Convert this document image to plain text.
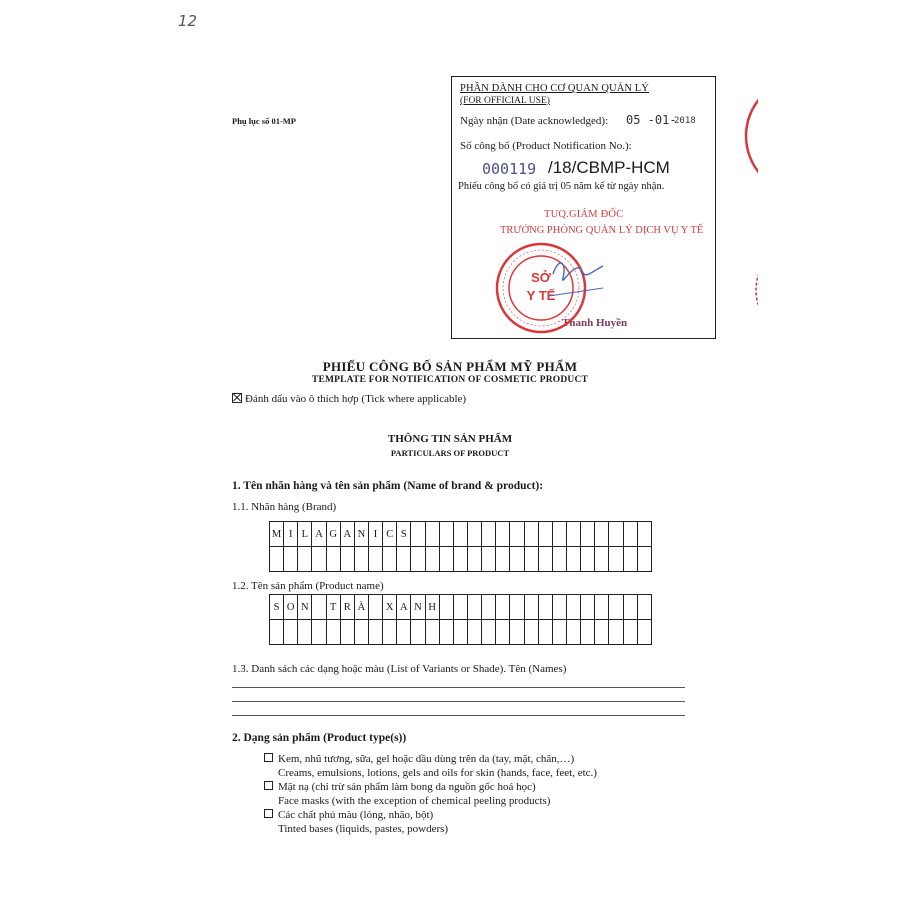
12
Phụ lục số 01-MP
PHẦN DÀNH CHO CƠ QUAN QUẢN LÝ
(FOR OFFICIAL USE)
Ngày nhận (Date acknowledged): 05 -01-
2018
Số công bố (Product Notification No.):
000119 /18/CBMP-HCM
Phiếu công bố có giá trị 05 năm kể từ ngày nhận.
TUQ.GIÁM ĐỐC
TRƯỞNG PHÒNG QUẢN LÝ DỊCH VỤ Y TẾ
Thanh Huyền
SỞ
Y TẾ
PHIẾU CÔNG BỐ SẢN PHẨM MỸ PHẨM
TEMPLATE FOR NOTIFICATION OF COSMETIC PRODUCT
Đánh dấu vào ô thích hợp (Tick where applicable)
THÔNG TIN SẢN PHẨM
PARTICULARS OF PRODUCT
1. Tên nhãn hàng và tên sản phẩm (Name of brand & product):
1.1. Nhãn hàng (Brand)
M	I	L	A	G	A	N	I	C	S																	

1.2. Tên sản phẩm (Product name)
S	O	N		T	R	À		X	A	N	H															

1.3. Danh sách các dạng hoặc màu (List of Variants or Shade). Tên (Names)
2. Dạng sản phẩm (Product type(s))
Kem, nhũ tương, sữa, gel hoặc dầu dùng trên da (tay, mặt, chân,…)
Creams, emulsions, lotions, gels and oils for skin (hands, face, feet, etc.)
Mặt nạ (chỉ trừ sản phẩm làm bong da nguồn gốc hoá học)
Face masks (with the exception of chemical peeling products)
Các chất phủ màu (lỏng, nhão, bột)
Tinted bases (liquids, pastes, powders)
